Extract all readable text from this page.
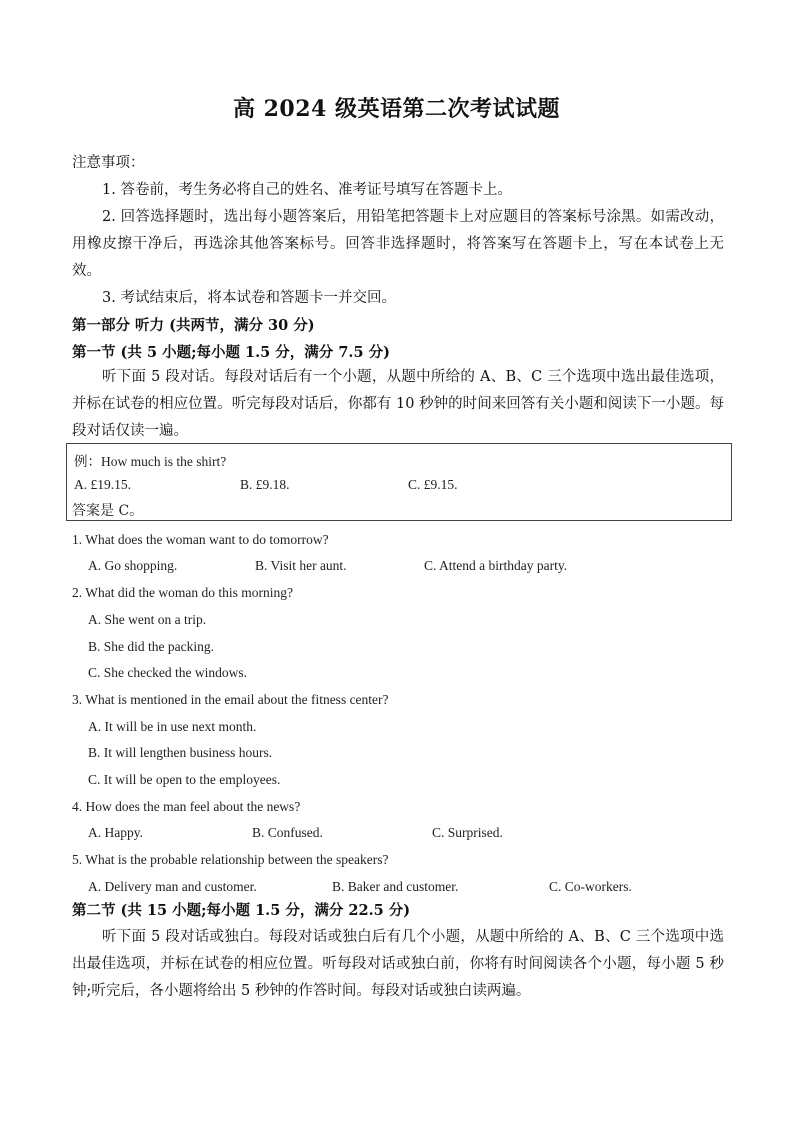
高 2024 级英语第二次考试试题
注意事项：
1. 答卷前，考生务必将自己的姓名、准考证号填写在答题卡上。
2. 回答选择题时，选出每小题答案后，用铅笔把答题卡上对应题目的答案标号涂黑。如需改动，用橡皮擦干净后，再选涂其他答案标号。回答非选择题时，将答案写在答题卡上，写在本试卷上无效。
3. 考试结束后，将本试卷和答题卡一并交回。
第一部分 听力 (共两节，满分 30 分)
第一节 (共 5 小题;每小题 1.5 分，满分 7.5 分)
听下面 5 段对话。每段对话后有一个小题，从题中所给的 A、B、C 三个选项中选出最佳选项，并标在试卷的相应位置。听完每段对话后，你都有 10 秒钟的时间来回答有关小题和阅读下一小题。每段对话仅读一遍。
例：How much is the shirt?
A. £19.15.	B. £9.18.	C. £9.15.
答案是 C。
1. What does the woman want to do tomorrow?
A. Go shopping.	B. Visit her aunt.	C. Attend a birthday party.
2. What did the woman do this morning?
A. She went on a trip.
B. She did the packing.
C. She checked the windows.
3. What is mentioned in the email about the fitness center?
A. It will be in use next month.
B. It will lengthen business hours.
C. It will be open to the employees.
4. How does the man feel about the news?
A. Happy.	B. Confused.	C. Surprised.
5. What is the probable relationship between the speakers?
A. Delivery man and customer.	B. Baker and customer.	C. Co-workers.
第二节 (共 15 小题;每小题 1.5 分，满分 22.5 分)
听下面 5 段对话或独白。每段对话或独白后有几个小题，从题中所给的 A、B、C 三个选项中选出最佳选项，并标在试卷的相应位置。听每段对话或独白前，你将有时间阅读各个小题，每小题 5 秒钟;听完后，各小题将给出 5 秒钟的作答时间。每段对话或独白读两遍。
